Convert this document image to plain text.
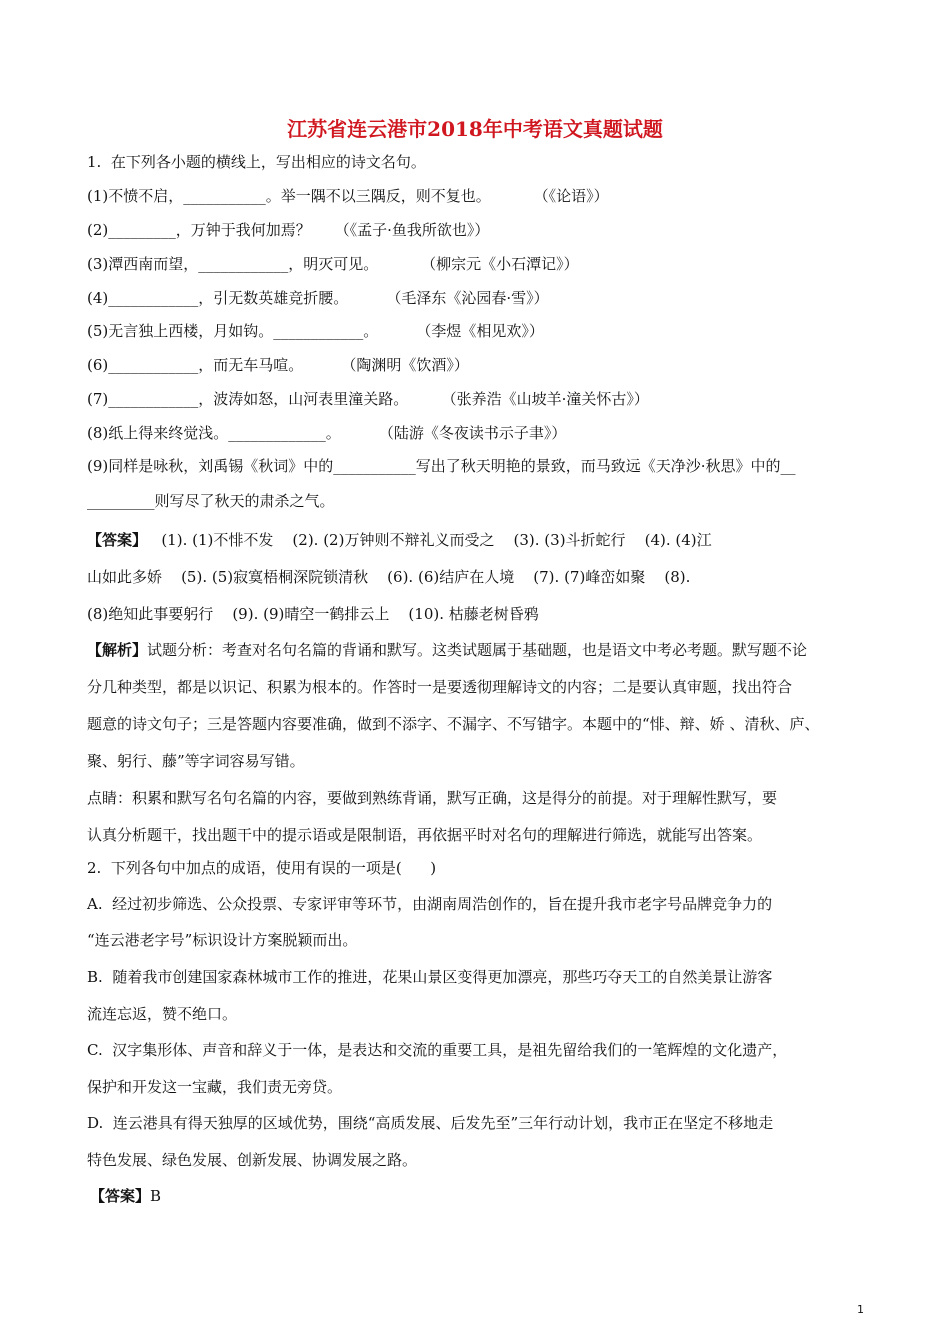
江苏省连云港市2018年中考语文真题试题
1.  在下列各小题的横线上，写出相应的诗文名句。
(1)不愤不启，___________。举一隅不以三隅反，则不复也。         （《论语》）
(2)_________，万钟于我何加焉？     （《孟子·鱼我所欲也》）
(3)潭西南而望，____________，明灭可见。         （柳宗元《小石潭记》）
(4)____________，引无数英雄竞折腰。        （毛泽东《沁园春·雪》）
(5)无言独上西楼，月如钩。____________。        （李煜《相见欢》）
(6)____________，而无车马喧。        （陶渊明《饮酒》）
(7)____________，波涛如怒，山河表里潼关路。       （张养浩《山坡羊·潼关怀古》）
(8)纸上得来终觉浅。_____________。        （陆游《冬夜读书示子聿》）
(9)同样是咏秋，刘禹锡《秋词》中的___________写出了秋天明艳的景致，而马致远《天净沙·秋思》中的__
_________则写尽了秋天的肃杀之气。
【答案】   (1). (1)不悱不发    (2). (2)万钟则不辩礼义而受之    (3). (3)斗折蛇行    (4). (4)江
山如此多娇    (5). (5)寂寞梧桐深院锁清秋    (6). (6)结庐在人境    (7). (7)峰峦如聚    (8).
(8)绝知此事要躬行    (9). (9)晴空一鹤排云上    (10). 枯藤老树昏鸦
【解析】试题分析：考查对名句名篇的背诵和默写。这类试题属于基础题，也是语文中考必考题。默写题不论
分几种类型，都是以识记、积累为根本的。作答时一是要透彻理解诗文的内容；二是要认真审题，找出符合
题意的诗文句子；三是答题内容要准确，做到不添字、不漏字、不写错字。本题中的“悱、辩、娇 、清秋、庐、
聚、躬行、藤”等字词容易写错。
点睛：积累和默写名句名篇的内容，要做到熟练背诵，默写正确，这是得分的前提。对于理解性默写，要
认真分析题干，找出题干中的提示语或是限制语，再依据平时对名句的理解进行筛选，就能写出答案。
2.  下列各句中加点的成语，使用有误的一项是(      )
A.  经过初步筛选、公众投票、专家评审等环节，由湖南周浩创作的，旨在提升我市老字号品牌竞争力的
“连云港老字号”标识设计方案脱颖而出。
B.  随着我市创建国家森林城市工作的推进，花果山景区变得更加漂亮，那些巧夺天工的自然美景让游客
流连忘返，赞不绝口。
C.  汉字集形体、声音和辞义于一体，是表达和交流的重要工具，是祖先留给我们的一笔辉煌的文化遗产，
保护和开发这一宝藏，我们责无旁贷。
D.  连云港具有得天独厚的区域优势，围绕“高质发展、后发先至”三年行动计划，我市正在坚定不移地走
特色发展、绿色发展、创新发展、协调发展之路。
【答案】B
1
